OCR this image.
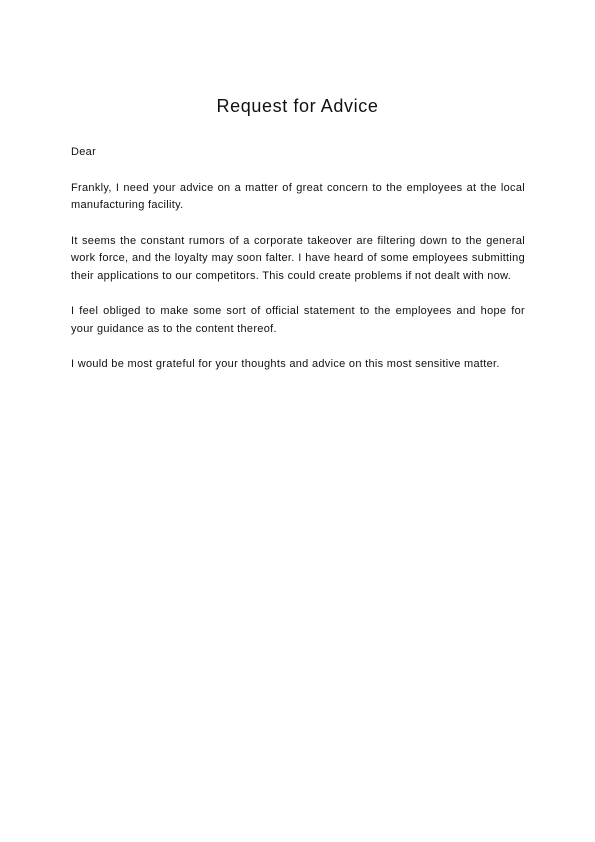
Request for Advice

Dear

Frankly, I need your advice on a matter of great concern to the employees at the local manufacturing facility.

It seems the constant rumors of a corporate takeover are filtering down to the general work force, and the loyalty may soon falter. I have heard of some employees submitting their applications to our competitors. This could create problems if not dealt with now.

I feel obliged to make some sort of official statement to the employees and hope for your guidance as to the content thereof.

I would be most grateful for your thoughts and advice on this most sensitive matter.
